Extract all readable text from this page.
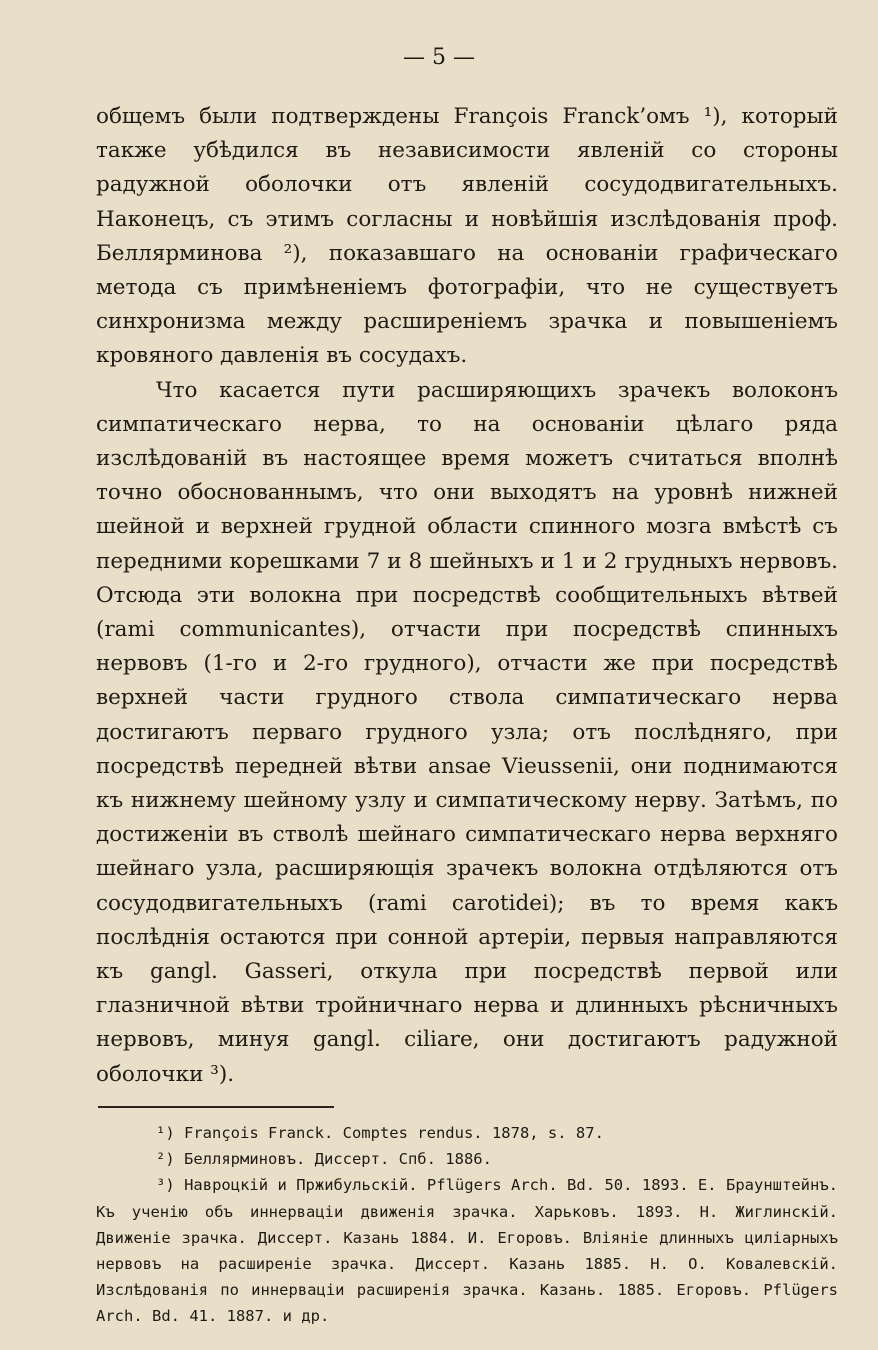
— 5 —

общемъ были подтверждены François Franck’омъ ¹), который также убѣдился въ независимости явленій со стороны радужной оболочки отъ явленій сосудодвигательныхъ. Наконецъ, съ этимъ согласны и новѣйшія изслѣдованія проф. Беллярминова ²), показавшаго на основаніи графическаго метода съ примѣненіемъ фотографіи, что не существуетъ синхронизма между расширеніемъ зрачка и повышеніемъ кровяного давленія въ сосудахъ.

Что касается пути расширяющихъ зрачекъ волоконъ симпатическаго нерва, то на основаніи цѣлаго ряда изслѣдованій въ настоящее время можетъ считаться вполнѣ точно обоснованнымъ, что они выходятъ на уровнѣ нижней шейной и верхней грудной области спинного мозга вмѣстѣ съ передними корешками 7 и 8 шейныхъ и 1 и 2 грудныхъ нервовъ. Отсюда эти волокна при посредствѣ сообщительныхъ вѣтвей (rami communicantes), отчасти при посредствѣ спинныхъ нервовъ (1-го и 2-го грудного), отчасти же при посредствѣ верхней части грудного ствола симпатическаго нерва достигаютъ перваго грудного узла; отъ послѣдняго, при посредствѣ передней вѣтви ansae Vieussenii, они поднимаются къ нижнему шейному узлу и симпатическому нерву. Затѣмъ, по достиженіи въ стволѣ шейнаго симпатическаго нерва верхняго шейнаго узла, расширяющія зрачекъ волокна отдѣляются отъ сосудодвигательныхъ (rami carotidei); въ то время какъ послѣднія остаются при сонной артеріи, первыя направляются къ gangl. Gasseri, откула при посредствѣ первой или глазничной вѣтви тройничнаго нерва и длинныхъ рѣсничныхъ нервовъ, минуя gangl. ciliare, они достигаютъ радужной оболочки ³).

¹) François Franck. Comptes rendus. 1878, s. 87.

²) Беллярминовъ. Диссерт. Спб. 1886.

³) Навроцкій и Пржибульскій. Pflügers Arch. Bd. 50. 1893. Е. Браунштейнъ. Къ ученію объ иннервацiи движенія зрачка. Харьковъ. 1893. Н. Жиглинскій. Движеніе зрачка. Диссерт. Казань 1884. И. Егоровъ. Вліяніе длинныхъ циліарныхъ нервовъ на расширеніе зрачка. Диссерт. Казань 1885. Н. О. Ковалевскій. Изслѣдованія по иннервацiи расширенія зрачка. Казань. 1885. Егоровъ. Pflügers Arch. Bd. 41. 1887. и др.
